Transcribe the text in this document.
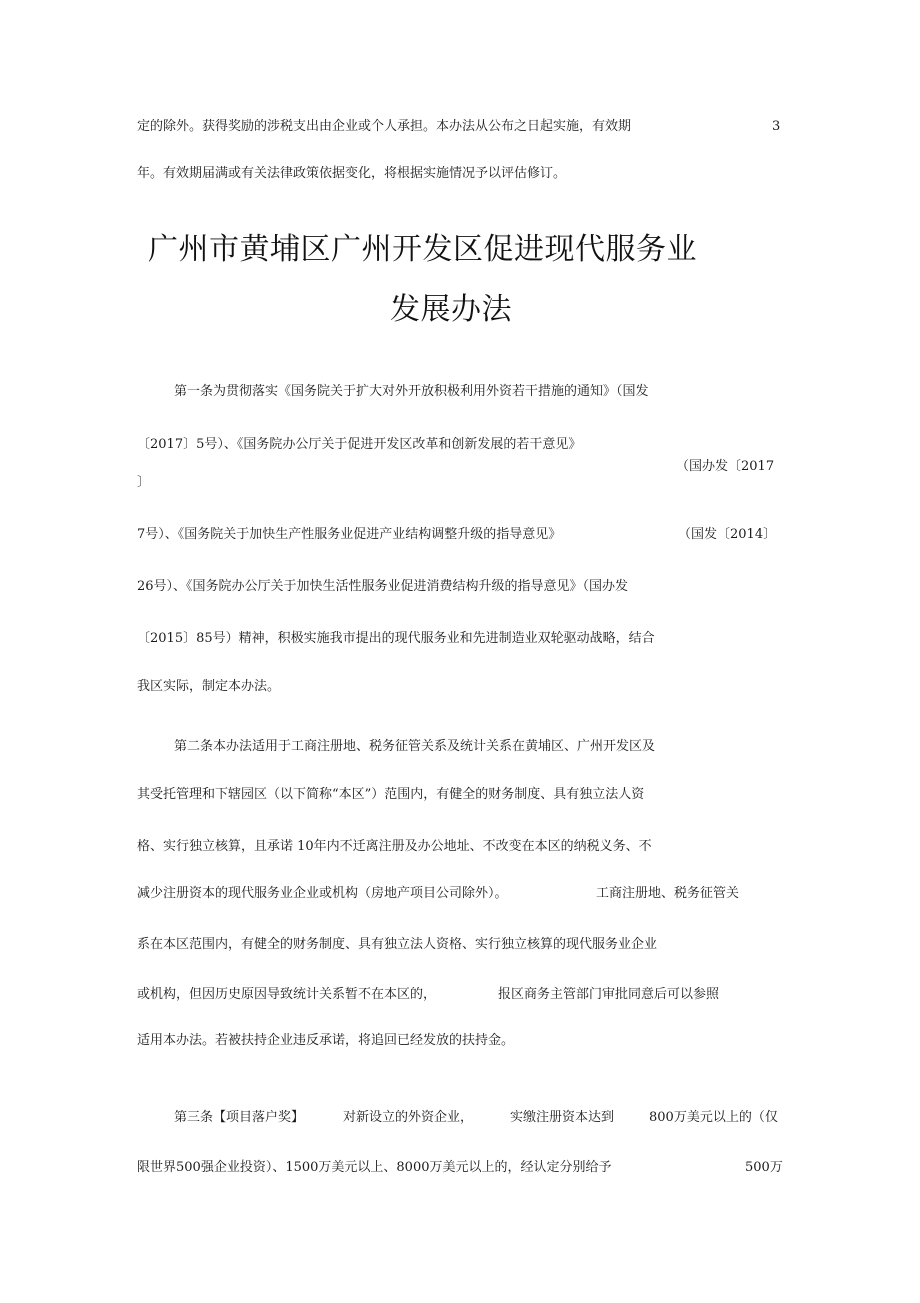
定的除外。获得奖励的涉税支出由企业或个人承担。本办法从公布之日起实施，有效期	3
年。有效期届满或有关法律政策依据变化，将根据实施情况予以评估修订。
广州市黄埔区广州开发区促进现代服务业
发展办法
第一条为贯彻落实《国务院关于扩大对外开放积极利用外资若干措施的通知》（国发
〔2017〕5号）、《国务院办公厅关于促进开发区改革和创新发展的若干意见》
（国办发〔2017
〕
7号）、《国务院关于加快生产性服务业促进产业结构调整升级的指导意见》	（国发〔2014〕
26号）、《国务院办公厅关于加快生活性服务业促进消费结构升级的指导意见》（国办发
〔2015〕85号）精神，积极实施我市提出的现代服务业和先进制造业双轮驱动战略，结合
我区实际，制定本办法。
第二条本办法适用于工商注册地、税务征管关系及统计关系在黄埔区、广州开发区及
其受托管理和下辖园区（以下简称“本区”）范围内，有健全的财务制度、具有独立法人资
格、实行独立核算，且承诺 10年内不迁离注册及办公地址、不改变在本区的纳税义务、不
减少注册资本的现代服务业企业或机构（房地产项目公司除外）。	工商注册地、税务征管关
系在本区范围内，有健全的财务制度、具有独立法人资格、实行独立核算的现代服务业企业
或机构，但因历史原因导致统计关系暂不在本区的，	报区商务主管部门审批同意后可以参照
适用本办法。若被扶持企业违反承诺，将追回已经发放的扶持金。
第三条【项目落户奖】	对新设立的外资企业，	实缴注册资本达到	800万美元以上的（仅
限世界500强企业投资）、1500万美元以上、8000万美元以上的，经认定分别给予	500万
